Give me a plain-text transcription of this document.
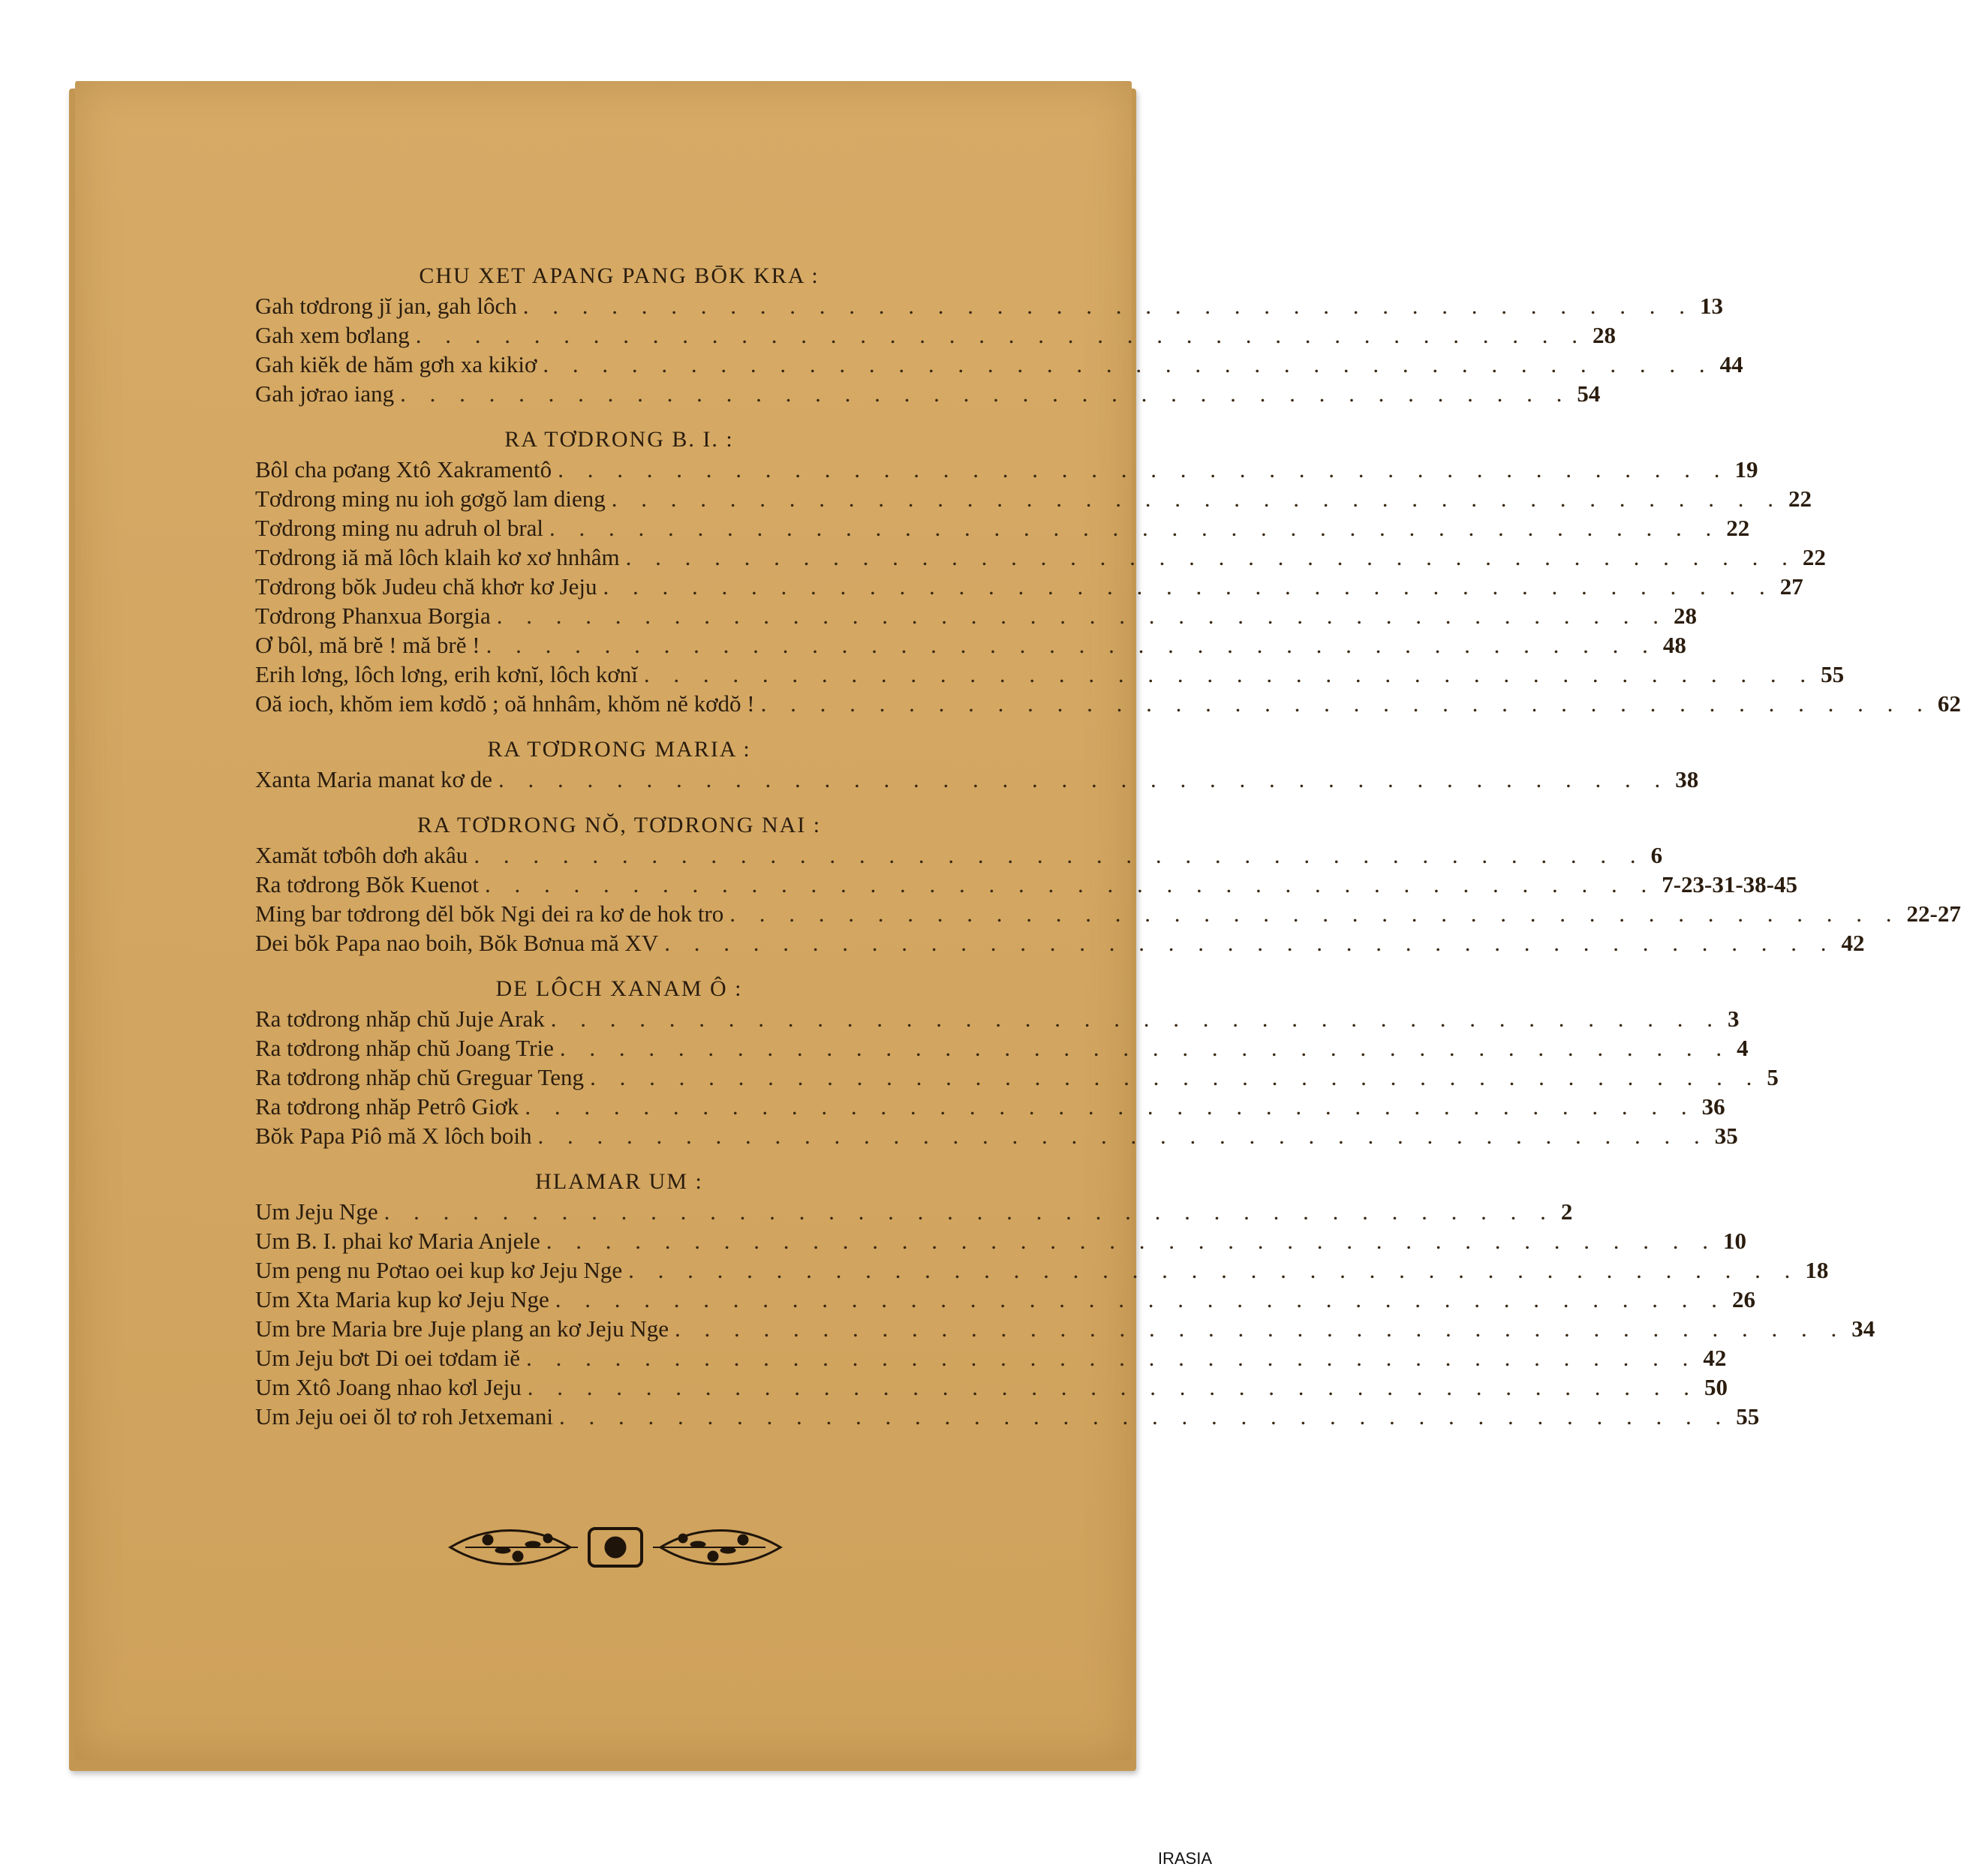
CHU XET APANG PANG BŌK KRA :
Gah tơdrong jĭ jan, gah lôch . . . . . . . . . . . . . . . . . . . . . . . . . . . . . . . . . . . . . . . . 13
Gah xem bơlang . . . . . . . . . . . . . . . . . . . . . . . . . . . . . . . . . . . . . . . . 28
Gah kiĕk de hăm gơh xa kikiơ . . . . . . . . . . . . . . . . . . . . . . . . . . . . . . . . . . . . . . . . 44
Gah jơrao iang . . . . . . . . . . . . . . . . . . . . . . . . . . . . . . . . . . . . . . . . 54
RA TƠDRONG B. I. :
Bôl cha pơang Xtô Xakramentô . . . . . . . . . . . . . . . . . . . . . . . . . . . . . . . . . . . . . . . . 19
Tơdrong ming nu ioh gơgŏ lam dieng . . . . . . . . . . . . . . . . . . . . . . . . . . . . . . . . . . . . . . . . 22
Tơdrong ming nu adruh ol bral . . . . . . . . . . . . . . . . . . . . . . . . . . . . . . . . . . . . . . . . 22
Tơdrong iă mă lôch klaih kơ xơ hnhâm . . . . . . . . . . . . . . . . . . . . . . . . . . . . . . . . . . . . . . . . 22
Tơdrong bŏk Judeu chă khơr kơ Jeju . . . . . . . . . . . . . . . . . . . . . . . . . . . . . . . . . . . . . . . . 27
Tơdrong Phanxua Borgia . . . . . . . . . . . . . . . . . . . . . . . . . . . . . . . . . . . . . . . . 28
Ơ bôl, mă brĕ ! mă brĕ ! . . . . . . . . . . . . . . . . . . . . . . . . . . . . . . . . . . . . . . . . 48
Erih lơng, lôch lơng, erih kơnĭ, lôch kơnĭ . . . . . . . . . . . . . . . . . . . . . . . . . . . . . . . . . . . . . . . . 55
Oă ioch, khŏm iem kơdŏ ; oă hnhâm, khŏm nĕ kơdŏ ! . . . . . . . . . . . . . . . . . . . . . . . . . . . . . . . . . . . . . . . . 62
RA TƠDRONG MARIA :
Xanta Maria manat kơ de . . . . . . . . . . . . . . . . . . . . . . . . . . . . . . . . . . . . . . . . 38
RA TƠDRONG NŎ, TƠDRONG NAI :
Xamăt tơbôh dơh akâu . . . . . . . . . . . . . . . . . . . . . . . . . . . . . . . . . . . . . . . . 6
Ra tơdrong Bŏk Kuenot . . . . . . . . . . . . . . . . . . . . . . . . . . . . . . . . . . . . . . . . 7-23-31-38-45
Ming bar tơdrong dĕl bŏk Ngi dei ra kơ de hok tro . . . . . . . . . . . . . . . . . . . . . . . . . . . . . . . . . . . . . . . . 22-27
Dei bŏk Papa nao boih, Bŏk Bơnua mă XV . . . . . . . . . . . . . . . . . . . . . . . . . . . . . . . . . . . . . . . . 42
DE LÔCH XANAM Ô :
Ra tơdrong nhăp chŭ Juje Arak . . . . . . . . . . . . . . . . . . . . . . . . . . . . . . . . . . . . . . . . 3
Ra tơdrong nhăp chŭ Joang Trie . . . . . . . . . . . . . . . . . . . . . . . . . . . . . . . . . . . . . . . . 4
Ra tơdrong nhăp chŭ Greguar Teng . . . . . . . . . . . . . . . . . . . . . . . . . . . . . . . . . . . . . . . . 5
Ra tơdrong nhăp Petrô Giơk . . . . . . . . . . . . . . . . . . . . . . . . . . . . . . . . . . . . . . . . 36
Bŏk Papa Piô mă X lôch boih . . . . . . . . . . . . . . . . . . . . . . . . . . . . . . . . . . . . . . . . 35
HLAMAR UM :
Um Jeju Nge . . . . . . . . . . . . . . . . . . . . . . . . . . . . . . . . . . . . . . . . 2
Um B. I. phai kơ Maria Anjele . . . . . . . . . . . . . . . . . . . . . . . . . . . . . . . . . . . . . . . . 10
Um peng nu Pơtao oei kup kơ Jeju Nge . . . . . . . . . . . . . . . . . . . . . . . . . . . . . . . . . . . . . . . . 18
Um Xta Maria kup kơ Jeju Nge . . . . . . . . . . . . . . . . . . . . . . . . . . . . . . . . . . . . . . . . 26
Um bre Maria bre Juje plang an kơ Jeju Nge . . . . . . . . . . . . . . . . . . . . . . . . . . . . . . . . . . . . . . . . 34
Um Jeju bơt Di oei tơdam iĕ . . . . . . . . . . . . . . . . . . . . . . . . . . . . . . . . . . . . . . . . 42
Um Xtô Joang nhao kơl Jeju . . . . . . . . . . . . . . . . . . . . . . . . . . . . . . . . . . . . . . . . 50
Um Jeju oei ŏl tơ roh Jetxemani . . . . . . . . . . . . . . . . . . . . . . . . . . . . . . . . . . . . . . . . 55
IRASIA
